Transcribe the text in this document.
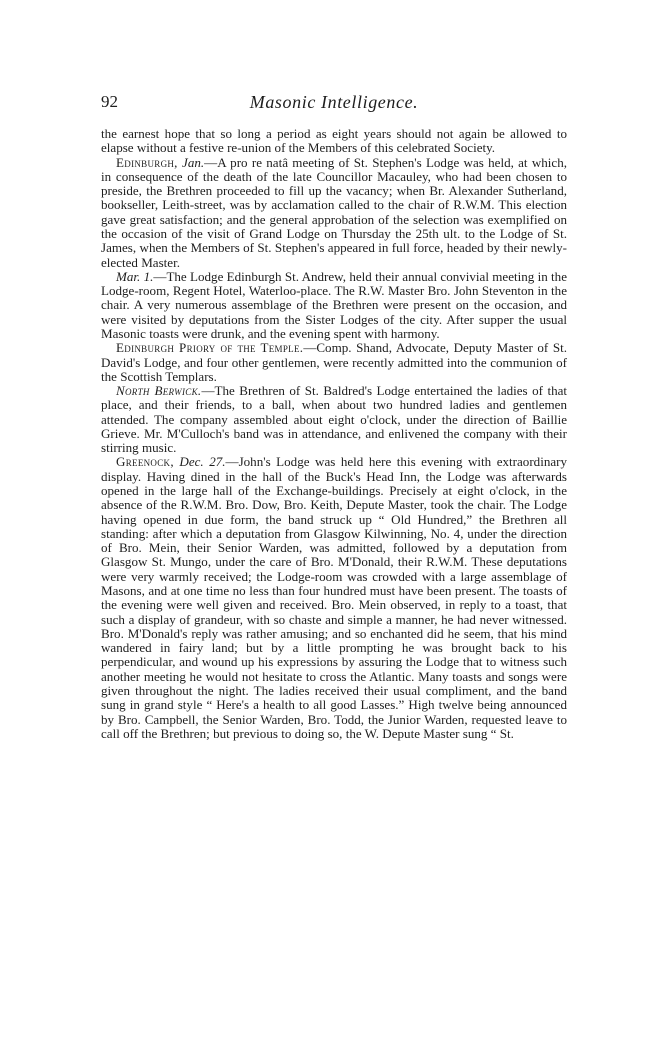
92	Masonic Intelligence.

the earnest hope that so long a period as eight years should not again be allowed to elapse without a festive re-union of the Members of this celebrated Society.

Edinburgh, Jan.—A pro re natâ meeting of St. Stephen's Lodge was held, at which, in consequence of the death of the late Councillor Macauley, who had been chosen to preside, the Brethren proceeded to fill up the vacancy; when Br. Alexander Sutherland, bookseller, Leith-street, was by acclamation called to the chair of R.W.M. This election gave great satisfaction; and the general approbation of the selection was exemplified on the occasion of the visit of Grand Lodge on Thursday the 25th ult. to the Lodge of St. James, when the Members of St. Stephen's appeared in full force, headed by their newly-elected Master.

Mar. 1.—The Lodge Edinburgh St. Andrew, held their annual convivial meeting in the Lodge-room, Regent Hotel, Waterloo-place. The R.W. Master Bro. John Steventon in the chair. A very numerous assemblage of the Brethren were present on the occasion, and were visited by deputations from the Sister Lodges of the city. After supper the usual Masonic toasts were drunk, and the evening spent with harmony.

Edinburgh Priory of the Temple.—Comp. Shand, Advocate, Deputy Master of St. David's Lodge, and four other gentlemen, were recently admitted into the communion of the Scottish Templars.

North Berwick.—The Brethren of St. Baldred's Lodge entertained the ladies of that place, and their friends, to a ball, when about two hundred ladies and gentlemen attended. The company assembled about eight o'clock, under the direction of Baillie Grieve. Mr. M'Culloch's band was in attendance, and enlivened the company with their stirring music.

Greenock, Dec. 27.—John's Lodge was held here this evening with extraordinary display. Having dined in the hall of the Buck's Head Inn, the Lodge was afterwards opened in the large hall of the Exchange-buildings. Precisely at eight o'clock, in the absence of the R.W.M. Bro. Dow, Bro. Keith, Depute Master, took the chair. The Lodge having opened in due form, the band struck up “ Old Hundred,” the Brethren all standing: after which a deputation from Glasgow Kilwinning, No. 4, under the direction of Bro. Mein, their Senior Warden, was admitted, followed by a deputation from Glasgow St. Mungo, under the care of Bro. M'Donald, their R.W.M. These deputations were very warmly received; the Lodge-room was crowded with a large assemblage of Masons, and at one time no less than four hundred must have been present. The toasts of the evening were well given and received. Bro. Mein observed, in reply to a toast, that such a display of grandeur, with so chaste and simple a manner, he had never witnessed. Bro. M'Donald's reply was rather amusing; and so enchanted did he seem, that his mind wandered in fairy land; but by a little prompting he was brought back to his perpendicular, and wound up his expressions by assuring the Lodge that to witness such another meeting he would not hesitate to cross the Atlantic. Many toasts and songs were given throughout the night. The ladies received their usual compliment, and the band sung in grand style “ Here's a health to all good Lasses.” High twelve being announced by Bro. Campbell, the Senior Warden, Bro. Todd, the Junior Warden, requested leave to call off the Brethren; but previous to doing so, the W. Depute Master sung “ St.
